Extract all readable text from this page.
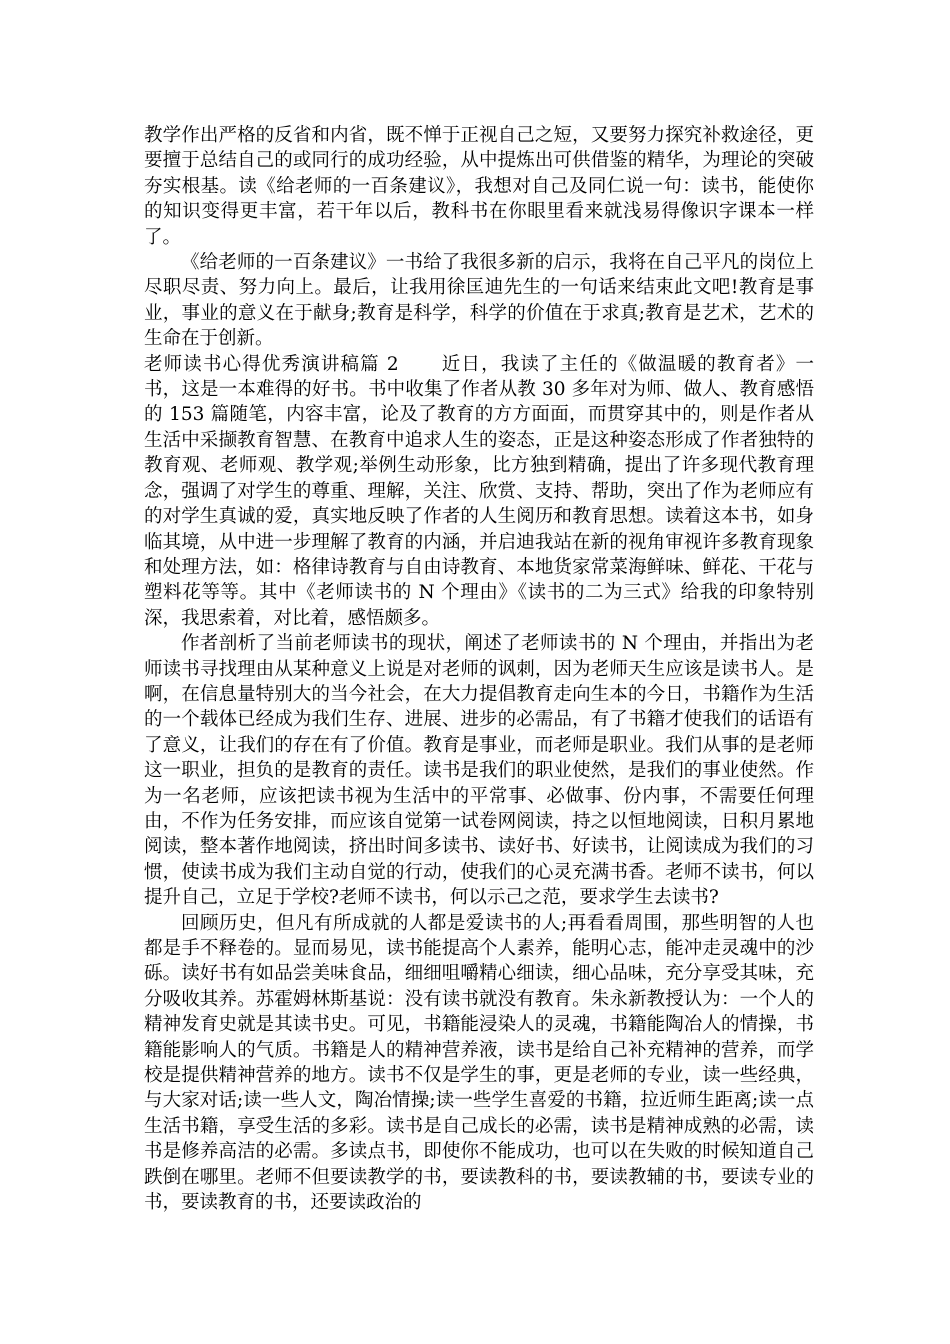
教学作出严格的反省和内省，既不惮于正视自己之短，又要努力探究补救途径，更要擅于总结自己的或同行的成功经验，从中提炼出可供借鉴的精华，为理论的突破夯实根基。读《给老师的一百条建议》，我想对自己及同仁说一句：读书，能使你的知识变得更丰富，若干年以后，教科书在你眼里看来就浅易得像识字课本一样了。

《给老师的一百条建议》一书给了我很多新的启示，我将在自己平凡的岗位上尽职尽责、努力向上。最后，让我用徐匡迪先生的一句话来结束此文吧!教育是事业，事业的意义在于献身;教育是科学，科学的价值在于求真;教育是艺术，艺术的生命在于创新。

老师读书心得优秀演讲稿篇 2 近日，我读了主任的《做温暖的教育者》一书，这是一本难得的好书。书中收集了作者从教 30 多年对为师、做人、教育感悟的 153 篇随笔，内容丰富，论及了教育的方方面面，而贯穿其中的，则是作者从生活中采撷教育智慧、在教育中追求人生的姿态，正是这种姿态形成了作者独特的教育观、老师观、教学观;举例生动形象，比方独到精确，提出了许多现代教育理念，强调了对学生的尊重、理解，关注、欣赏、支持、帮助，突出了作为老师应有的对学生真诚的爱，真实地反映了作者的人生阅历和教育思想。读着这本书，如身临其境，从中进一步理解了教育的内涵，并启迪我站在新的视角审视许多教育现象和处理方法，如：格律诗教育与自由诗教育、本地货家常菜海鲜味、鲜花、干花与塑料花等等。其中《老师读书的 N 个理由》《读书的二为三式》给我的印象特别深，我思索着，对比着，感悟颇多。

作者剖析了当前老师读书的现状，阐述了老师读书的 N 个理由，并指出为老师读书寻找理由从某种意义上说是对老师的讽刺，因为老师天生应该是读书人。是啊，在信息量特别大的当今社会，在大力提倡教育走向生本的今日，书籍作为生活的一个载体已经成为我们生存、进展、进步的必需品，有了书籍才使我们的话语有了意义，让我们的存在有了价值。教育是事业，而老师是职业。我们从事的是老师这一职业，担负的是教育的责任。读书是我们的职业使然，是我们的事业使然。作为一名老师，应该把读书视为生活中的平常事、必做事、份内事，不需要任何理由，不作为任务安排，而应该自觉第一试卷网阅读，持之以恒地阅读，日积月累地阅读，整本著作地阅读，挤出时间多读书、读好书、好读书，让阅读成为我们的习惯，使读书成为我们主动自觉的行动，使我们的心灵充满书香。老师不读书，何以提升自己，立足于学校?老师不读书，何以示己之范，要求学生去读书?

回顾历史，但凡有所成就的人都是爱读书的人;再看看周围，那些明智的人也都是手不释卷的。显而易见，读书能提高个人素养，能明心志，能冲走灵魂中的沙砾。读好书有如品尝美味食品，细细咀嚼精心细读，细心品味，充分享受其味，充分吸收其养。苏霍姆林斯基说：没有读书就没有教育。朱永新教授认为：一个人的精神发育史就是其读书史。可见，书籍能浸染人的灵魂，书籍能陶冶人的情操，书籍能影响人的气质。书籍是人的精神营养液，读书是给自己补充精神的营养，而学校是提供精神营养的地方。读书不仅是学生的事，更是老师的专业，读一些经典，与大家对话;读一些人文，陶冶情操;读一些学生喜爱的书籍，拉近师生距离;读一点生活书籍，享受生活的多彩。读书是自己成长的必需，读书是精神成熟的必需，读书是修养高洁的必需。多读点书，即使你不能成功，也可以在失败的时候知道自己跌倒在哪里。老师不但要读教学的书，要读教科的书，要读教辅的书，要读专业的书，要读教育的书，还要读政治的
